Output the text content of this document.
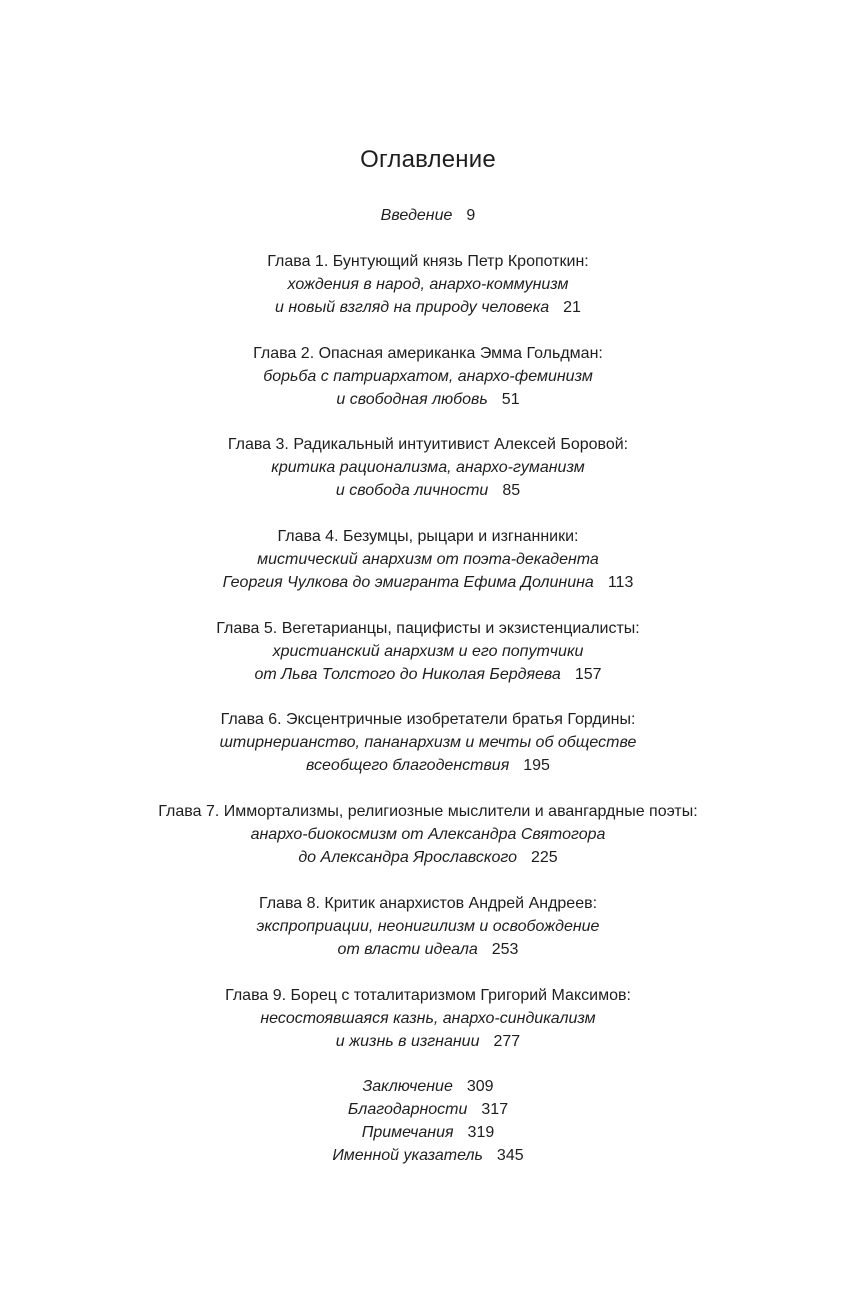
Оглавление
Введение 9
Глава 1. Бунтующий князь Петр Кропоткин:
хождения в народ, анархо-коммунизм
и новый взгляд на природу человека 21
Глава 2. Опасная американка Эмма Гольдман:
борьба с патриархатом, анархо-феминизм
и свободная любовь 51
Глава 3. Радикальный интуитивист Алексей Боровой:
критика рационализма, анархо-гуманизм
и свобода личности 85
Глава 4. Безумцы, рыцари и изгнанники:
мистический анархизм от поэта-декадента
Георгия Чулкова до эмигранта Ефима Долинина 113
Глава 5. Вегетарианцы, пацифисты и экзистенциалисты:
христианский анархизм и его попутчики
от Льва Толстого до Николая Бердяева 157
Глава 6. Эксцентричные изобретатели братья Гордины:
штирнерианство, пананархизм и мечты об обществе
всеобщего благоденствия 195
Глава 7. Иммортализмы, религиозные мыслители и авангардные поэты:
анархо-биокосмизм от Александра Святогора
до Александра Ярославского 225
Глава 8. Критик анархистов Андрей Андреев:
экспроприации, неонигилизм и освобождение
от власти идеала 253
Глава 9. Борец с тоталитаризмом Григорий Максимов:
несостоявшаяся казнь, анархо-синдикализм
и жизнь в изгнании 277
Заключение 309
Благодарности 317
Примечания 319
Именной указатель 345
